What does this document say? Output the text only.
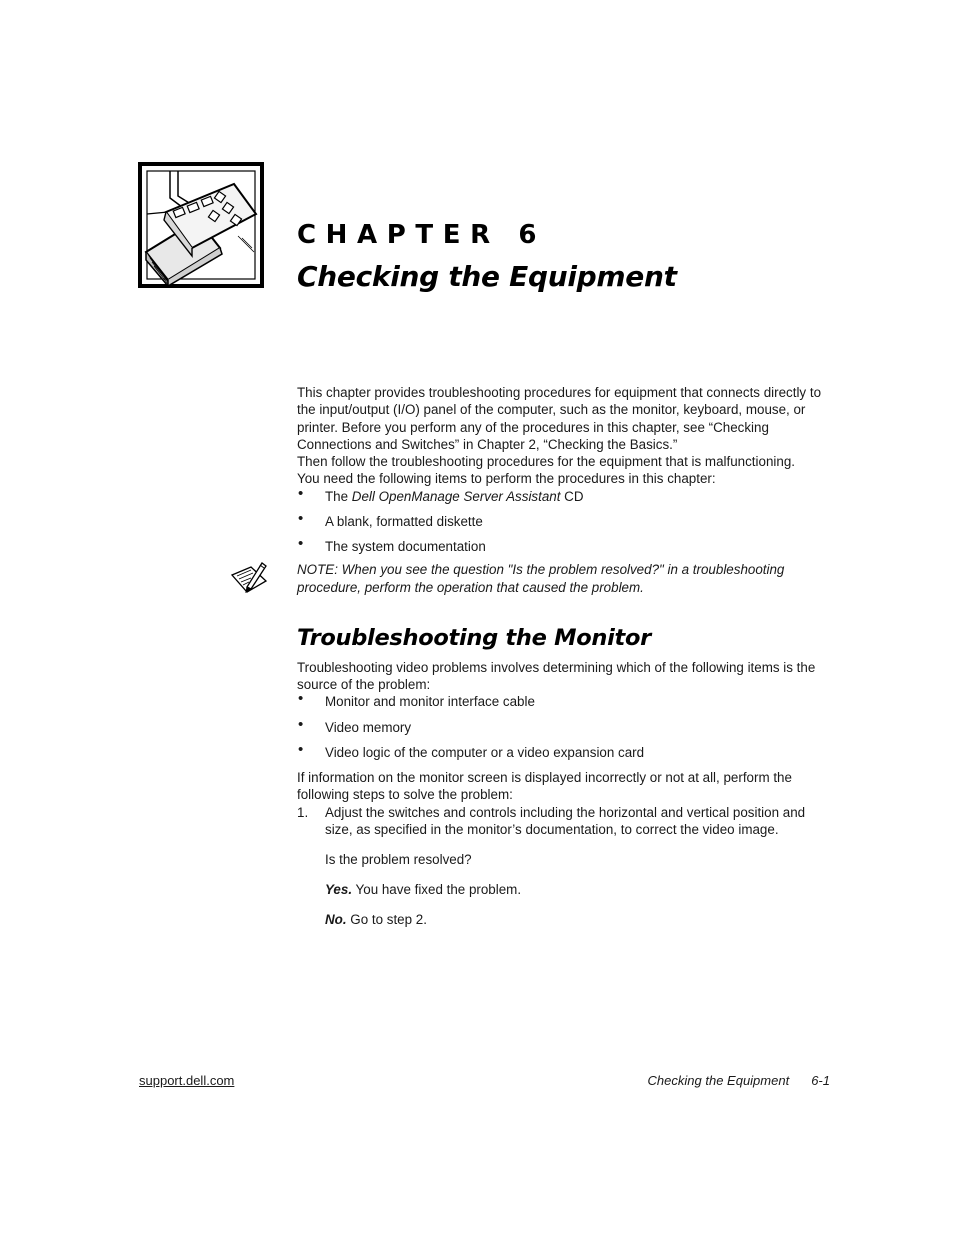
CHAPTER 6
Checking the Equipment

This chapter provides troubleshooting procedures for equipment that connects directly to the input/output (I/O) panel of the computer, such as the monitor, keyboard, mouse, or printer. Before you perform any of the procedures in this chapter, see “Checking Connections and Switches” in Chapter 2, “Checking the Basics.”
Then follow the troubleshooting procedures for the equipment that is malfunctioning.

You need the following items to perform the procedures in this chapter:

• The Dell OpenManage Server Assistant CD
• A blank, formatted diskette
• The system documentation
NOTE: When you see the question "Is the problem resolved?" in a troubleshooting procedure, perform the operation that caused the problem.
Troubleshooting the Monitor

Troubleshooting video problems involves determining which of the following items is the source of the problem:

• Monitor and monitor interface cable
• Video memory
• Video logic of the computer or a video expansion card

If information on the monitor screen is displayed incorrectly or not at all, perform the following steps to solve the problem:

1. Adjust the switches and controls including the horizontal and vertical position and size, as specified in the monitor’s documentation, to correct the video image.
Is the problem resolved?
Yes. You have fixed the problem.
No. Go to step 2.
support.dell.com	Checking the Equipment 6-1
